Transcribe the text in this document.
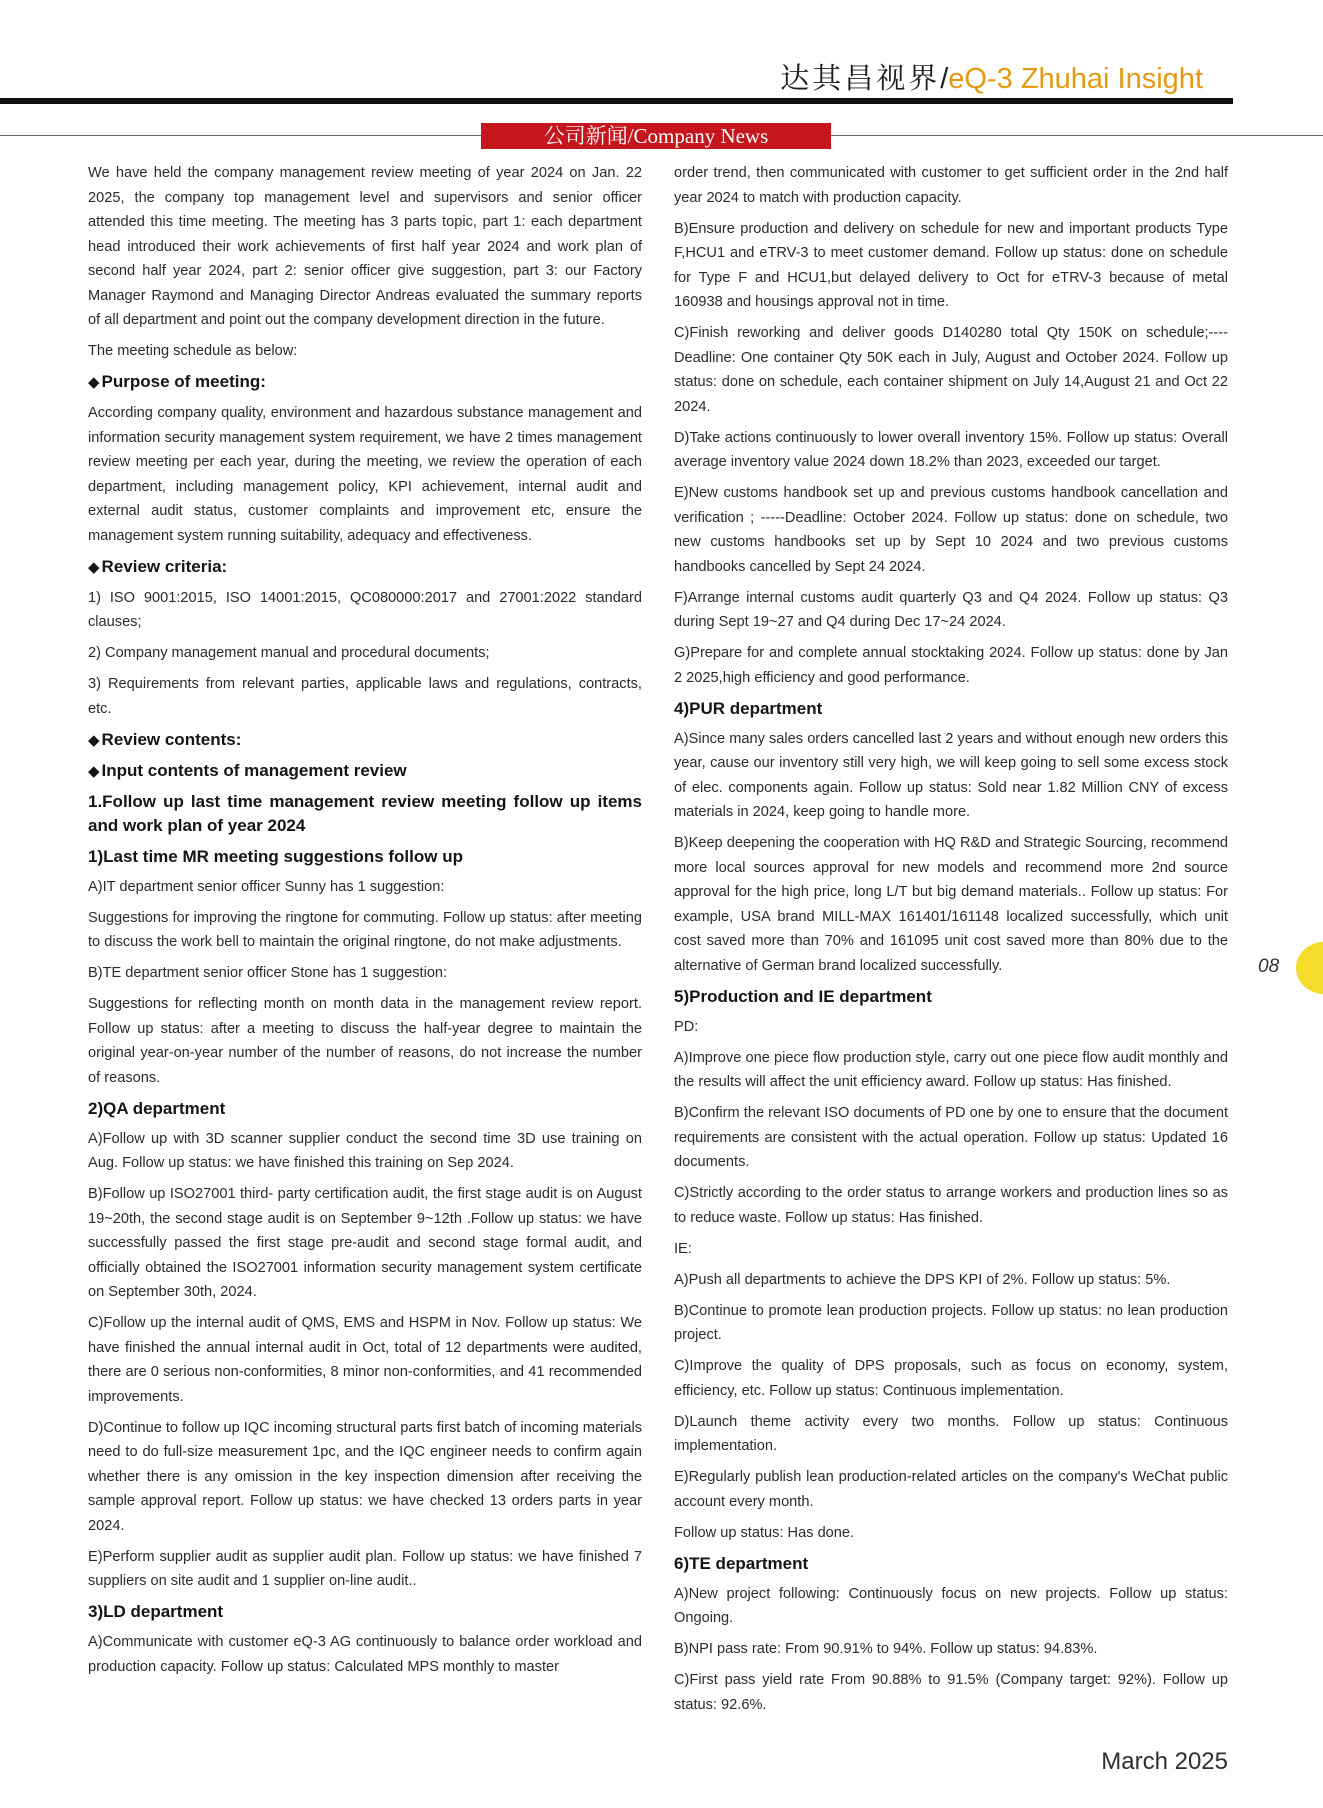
达其昌视界/eQ-3 Zhuhai Insight
公司新闻/Company News

We have held the company management review meeting of year 2024 on Jan. 22 2025, the company top management level and supervisors and senior officer attended this time meeting. The meeting has 3 parts topic, part 1: each department head introduced their work achievements of first half year 2024 and work plan of second half year 2024, part 2: senior officer give suggestion, part 3: our Factory Manager Raymond and Managing Director Andreas evaluated the summary reports of all department and point out the company development direction in the future.

The meeting schedule as below:

◆ Purpose of meeting:

According company quality, environment and hazardous substance management and information security management system requirement, we have 2 times management review meeting per each year, during the meeting, we review the operation of each department, including management policy, KPI achievement, internal audit and external audit status, customer complaints and improvement etc, ensure the management system running suitability, adequacy and effectiveness.

◆ Review criteria:

1) ISO 9001:2015, ISO 14001:2015, QC080000:2017 and 27001:2022 standard clauses;

2) Company management manual and procedural documents;

3) Requirements from relevant parties, applicable laws and regulations, contracts, etc.

◆ Review contents:
◆ Input contents of management review
1.Follow up last time management review meeting follow up items and work plan of year 2024
1)Last time MR meeting suggestions follow up

A)IT department senior officer Sunny has 1 suggestion:

Suggestions for improving the ringtone for commuting. Follow up status: after meeting to discuss the work bell to maintain the original ringtone, do not make adjustments.

B)TE department senior officer Stone has 1 suggestion:

Suggestions for reflecting month on month data in the management review report. Follow up status: after a meeting to discuss the half-year degree to maintain the original year-on-year number of the number of reasons, do not increase the number of reasons.

2)QA department

A)Follow up with 3D scanner supplier conduct the second time 3D use training on Aug. Follow up status: we have finished this training on Sep 2024.

B)Follow up ISO27001 third- party certification audit, the first stage audit is on August 19~20th, the second stage audit is on September 9~12th .Follow up status: we have successfully passed the first stage pre-audit and second stage formal audit, and officially obtained the ISO27001 information security management system certificate on September 30th, 2024.

C)Follow up the internal audit of QMS, EMS and HSPM in Nov. Follow up status: We have finished the annual internal audit in Oct, total of 12 departments were audited, there are 0 serious non-conformities, 8 minor non-conformities, and 41 recommended improvements.

D)Continue to follow up IQC incoming structural parts first batch of incoming materials need to do full-size measurement 1pc, and the IQC engineer needs to confirm again whether there is any omission in the key inspection dimension after receiving the sample approval report. Follow up status: we have checked 13 orders parts in year 2024.

E)Perform supplier audit as supplier audit plan. Follow up status: we have finished 7 suppliers on site audit and 1 supplier on-line audit..

3)LD department

A)Communicate with customer eQ-3 AG continuously to balance order workload and production capacity. Follow up status: Calculated MPS monthly to master

order trend, then communicated with customer to get sufficient order in the 2nd half year 2024 to match with production capacity.

B)Ensure production and delivery on schedule for new and important products Type F,HCU1 and eTRV-3 to meet customer demand. Follow up status: done on schedule for Type F and HCU1,but delayed delivery to Oct for eTRV-3 because of metal 160938 and housings approval not in time.

C)Finish reworking and deliver goods D140280 total Qty 150K on schedule;----Deadline: One container Qty 50K each in July, August and October 2024. Follow up status: done on schedule, each container shipment on July 14,August 21 and Oct 22 2024.

D)Take actions continuously to lower overall inventory 15%. Follow up status: Overall average inventory value 2024 down 18.2% than 2023, exceeded our target.

E)New customs handbook set up and previous customs handbook cancellation and verification ; -----Deadline: October 2024. Follow up status: done on schedule, two new customs handbooks set up by Sept 10 2024 and two previous customs handbooks cancelled by Sept 24 2024.

F)Arrange internal customs audit quarterly Q3 and Q4 2024. Follow up status: Q3 during Sept 19~27 and Q4 during Dec 17~24 2024.

G)Prepare for and complete annual stocktaking 2024. Follow up status: done by Jan 2 2025,high efficiency and good performance.

4)PUR department

A)Since many sales orders cancelled last 2 years and without enough new orders this year, cause our inventory still very high, we will keep going to sell some excess stock of elec. components again. Follow up status: Sold near 1.82 Million CNY of excess materials in 2024, keep going to handle more.

B)Keep deepening the cooperation with HQ R&D and Strategic Sourcing, recommend more local sources approval for new models and recommend more 2nd source approval for the high price, long L/T but big demand materials.. Follow up status: For example, USA brand MILL-MAX 161401/161148 localized successfully, which unit cost saved more than 70% and 161095 unit cost saved more than 80% due to the alternative of German brand localized successfully.

5)Production and IE department

PD:

A)Improve one piece flow production style, carry out one piece flow audit monthly and the results will affect the unit efficiency award. Follow up status: Has finished.

B)Confirm the relevant ISO documents of PD one by one to ensure that the document requirements are consistent with the actual operation. Follow up status: Updated 16 documents.

C)Strictly according to the order status to arrange workers and production lines so as to reduce waste. Follow up status: Has finished.

IE:

A)Push all departments to achieve the DPS KPI of 2%. Follow up status: 5%.

B)Continue to promote lean production projects. Follow up status: no lean production project.

C)Improve the quality of DPS proposals, such as focus on economy, system, efficiency, etc. Follow up status: Continuous implementation.

D)Launch theme activity every two months. Follow up status: Continuous implementation.

E)Regularly publish lean production-related articles on the company's WeChat public account every month.

Follow up status: Has done.

6)TE department

A)New project following: Continuously focus on new projects. Follow up status: Ongoing.

B)NPI pass rate: From 90.91% to 94%. Follow up status: 94.83%.

C)First pass yield rate From 90.88% to 91.5% (Company target: 92%). Follow up status: 92.6%.

08
March 2025
